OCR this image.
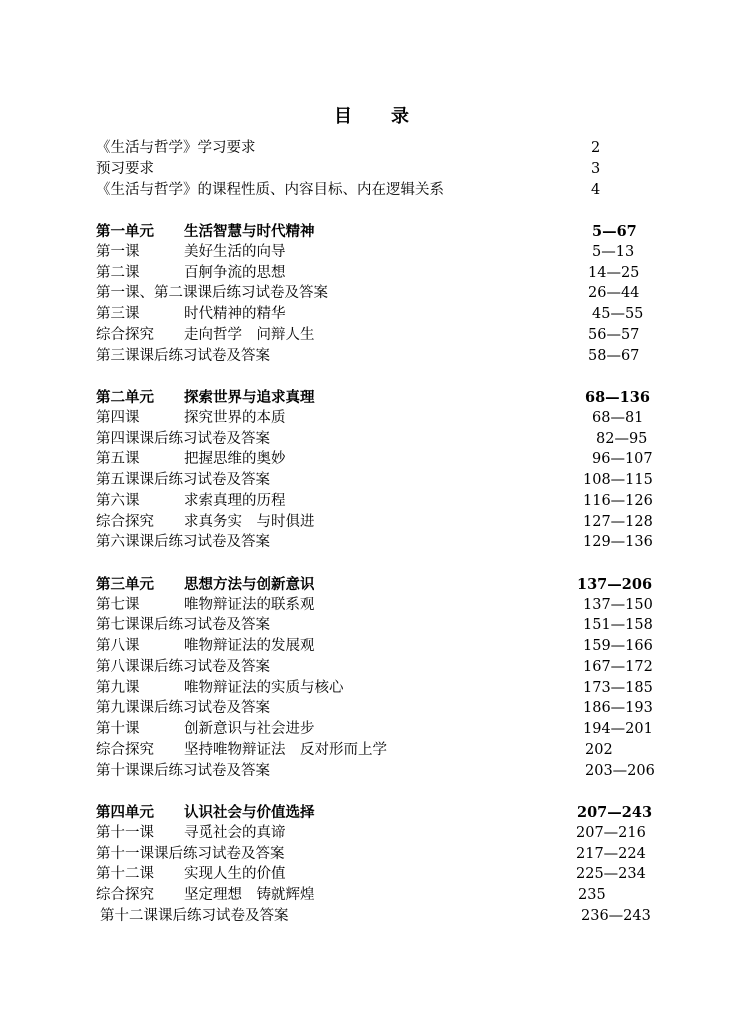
目　　录
《生活与哲学》学习要求	2
预习要求	3
《生活与哲学》的课程性质、内容目标、内在逻辑关系	4
第一单元 生活智慧与时代精神	5—67
第一课	美好生活的向导	5—13
第二课	百舸争流的思想	14—25
第一课、第二课课后练习试卷及答案	26—44
第三课	时代精神的精华	45—55
综合探究 走向哲学　问辩人生	56—57
第三课课后练习试卷及答案	58—67
第二单元 探索世界与追求真理	68—136
第四课	探究世界的本质	68—81
第四课课后练习试卷及答案	82—95
第五课	把握思维的奥妙	96—107
第五课课后练习试卷及答案	108—115
第六课	求索真理的历程	116—126
综合探究 求真务实　与时俱进	127—128
第六课课后练习试卷及答案	129—136
第三单元 思想方法与创新意识	137—206
第七课	唯物辩证法的联系观	137—150
第七课课后练习试卷及答案	151—158
第八课	唯物辩证法的发展观	159—166
第八课课后练习试卷及答案	167—172
第九课	唯物辩证法的实质与核心	173—185
第九课课后练习试卷及答案	186—193
第十课	创新意识与社会进步	194—201
综合探究 坚持唯物辩证法　反对形而上学	202
第十课课后练习试卷及答案	203—206
第四单元 认识社会与价值选择	207—243
第十一课 寻觅社会的真谛	207—216
第十一课课后练习试卷及答案	217—224
第十二课 实现人生的价值	225—234
综合探究 坚定理想　铸就辉煌	235
第十二课课后练习试卷及答案	236—243
